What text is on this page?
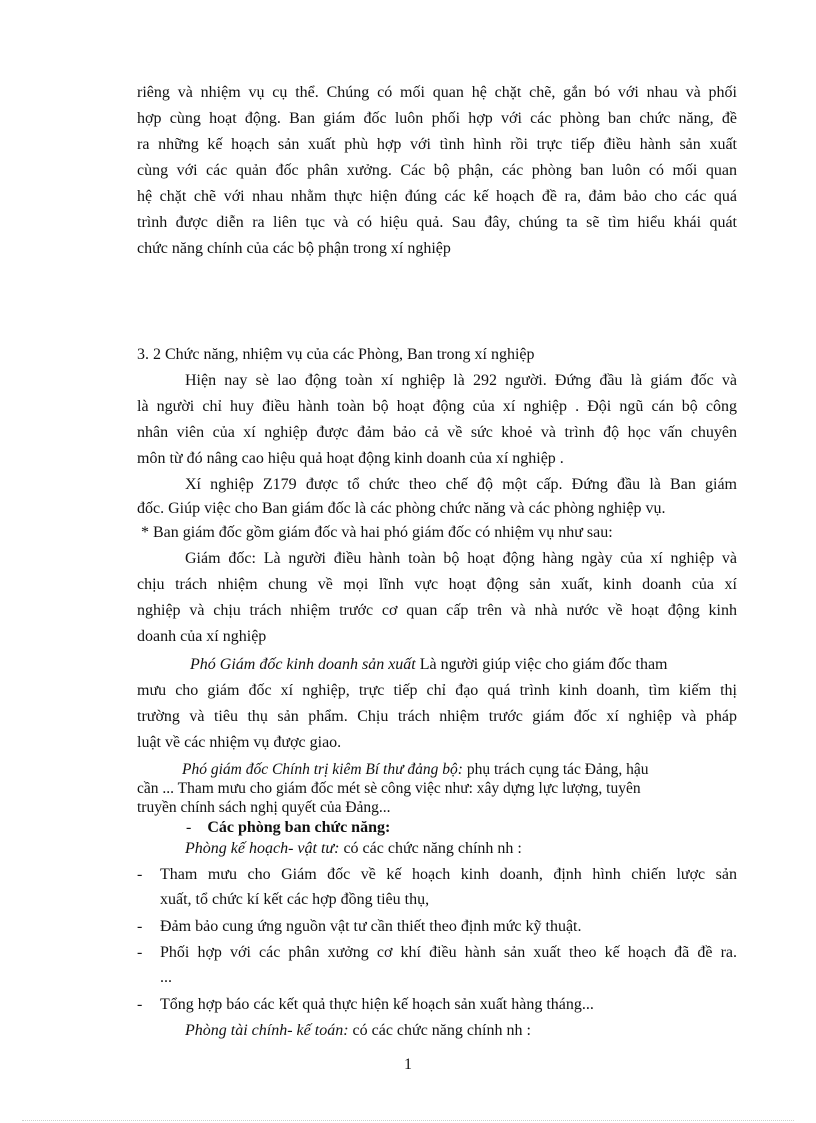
riêng và nhiệm vụ cụ thể. Chúng có mối quan hệ chặt chẽ, gắn bó với nhau và phối
hợp cùng hoạt động. Ban giám đốc luôn phối hợp với các phòng ban chức năng, đề
ra những kế hoạch sản xuất phù hợp với tình hình rồi trực tiếp điều hành sản xuất
cùng với các quản đốc phân xưởng. Các bộ phận, các phòng ban luôn có mối quan
hệ chặt chẽ với nhau nhằm thực hiện đúng các kế hoạch đề ra, đảm bảo cho các quá
trình được diễn ra liên tục và có hiệu quả. Sau đây, chúng ta sẽ tìm hiểu khái quát
chức năng chính của các bộ phận trong xí nghiệp
3. 2 Chức năng, nhiệm vụ của các Phòng, Ban trong xí nghiệp
Hiện nay sè lao động toàn xí nghiệp là 292 người. Đứng đầu là giám đốc và
là người chỉ huy điều hành toàn bộ hoạt động của xí nghiệp . Đội ngũ cán bộ công
nhân viên của xí nghiệp được đảm bảo cả về sức khoẻ và trình độ học vấn chuyên
môn từ đó nâng cao hiệu quả hoạt động kinh doanh của xí nghiệp .
Xí nghiệp Z179 được tổ chức theo chế độ một cấp. Đứng đầu là Ban giám
đốc. Giúp việc cho Ban giám đốc là các phòng chức năng và các phòng nghiệp vụ.
* Ban giám đốc gồm giám đốc và hai phó giám đốc có nhiệm vụ như sau:
Giám đốc: Là người điều hành toàn bộ hoạt động hàng ngày của xí nghiệp và
chịu trách nhiệm chung về mọi lĩnh vực hoạt động sản xuất, kinh doanh của xí
nghiệp và chịu trách nhiệm trước cơ quan cấp trên và nhà nước về hoạt động kinh
doanh của xí nghiệp
Phó Giám đốc kinh doanh sản xuất Là người giúp việc cho giám đốc tham
mưu cho giám đốc xí nghiệp, trực tiếp chỉ đạo quá trình kinh doanh, tìm kiếm thị
trường và tiêu thụ sản phẩm. Chịu trách nhiệm trước giám đốc xí nghiệp và pháp
luật về các nhiệm vụ được giao.
Phó giám đốc Chính trị kiêm Bí thư đảng bộ: phụ trách cụng tác Đảng, hậu
cần ... Tham mưu cho giám đốc mét sè công việc như: xây dựng lực lượng, tuyên
truyền chính sách nghị quyết của Đảng...
- Các phòng ban chức năng:
Phòng kế hoạch- vật tư: có các chức năng chính nh :
- Tham mưu cho Giám đốc về kế hoạch kinh doanh, định hình chiến lược sản
xuất, tổ chức kí kết các hợp đồng tiêu thụ,
- Đảm bảo cung ứng nguồn vật tư cần thiết theo định mức kỹ thuật.
- Phối hợp với các phân xưởng cơ khí điều hành sản xuất theo kế hoạch đã đề ra.
...
- Tổng hợp báo các kết quả thực hiện kế hoạch sản xuất hàng tháng...
Phòng tài chính- kế toán: có các chức năng chính nh :
1
